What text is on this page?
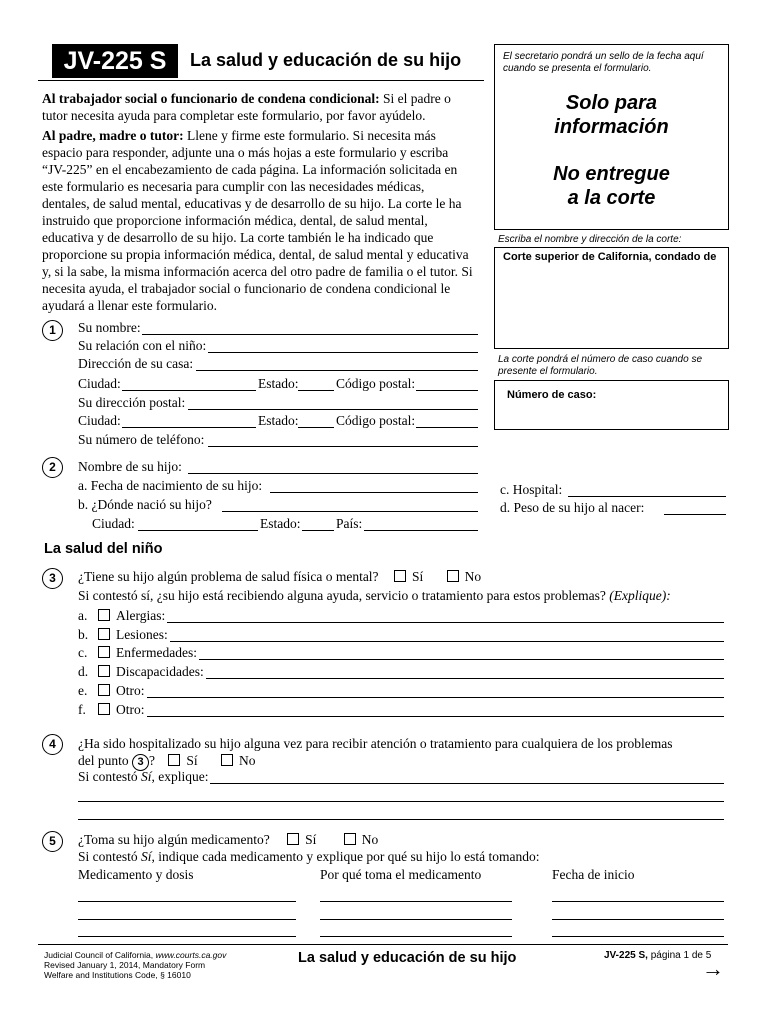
JV-225 S	La salud y educación de su hijo	El secretario pondrá un sello de la fecha aquí cuando se presenta el formulario.
Solo para
información
No entregue
a la corte
Escriba el nombre y dirección de la corte:
Corte superior de California, condado de
La corte pondrá el número de caso cuando se presente el formulario.
Número de caso:

Al trabajador social o funcionario de condena condicional: Si el padre o tutor necesita ayuda para completar este formulario, por favor ayúdelo.

Al padre, madre o tutor: Llene y firme este formulario. Si necesita más espacio para responder, adjunte una o más hojas a este formulario y escriba “JV-225” en el encabezamiento de cada página. La información solicitada en este formulario es necesaria para cumplir con las necesidades médicas, dentales, de salud mental, educativas y de desarrollo de su hijo. La corte le ha instruido que proporcione información médica, dental, de salud mental, educativa y de desarrollo de su hijo. La corte también le ha indicado que proporcione su propia información médica, dental, de salud mental y educativa y, si la sabe, la misma información acerca del otro padre de familia o el tutor. Si necesita ayuda, el trabajador social o funcionario de condena condicional le ayudará a llenar este formulario.

1	Su nombre:
Su relación con el niño:
Dirección de su casa:
Ciudad:	Estado:	Código postal:
Su dirección postal:
Ciudad:	Estado:	Código postal:
Su número de teléfono:
2	Nombre de su hijo:
a. Fecha de nacimiento de su hijo:
b. ¿Dónde nació su hijo?
Ciudad:	Estado:	País:
c. Hospital:
d. Peso de su hijo al nacer:
La salud del niño
3	¿Tiene su hijo algún problema de salud física o mental? Sí	No
Si contestó sí, ¿su hijo está recibiendo alguna ayuda, servicio o tratamiento para estos problemas? (Explique):
a. Alergias:
b. Lesiones:
c. Enfermedades:
d. Discapacidades:
e. Otro:
f. Otro:
4	¿Ha sido hospitalizado su hijo alguna vez para recibir atención o tratamiento para cualquiera de los problemas
del punto 3 ? Sí	No
Si contestó Sí, explique:
5	¿Toma su hijo algún medicamento?	Sí	No
Si contestó Sí, indique cada medicamento y explique por qué su hijo lo está tomando:
Medicamento y dosis	Por qué toma el medicamento	Fecha de inicio
Judicial Council of California, www.courts.ca.gov
Revised January 1, 2014, Mandatory Form
Welfare and Institutions Code, § 16010
La salud y educación de su hijo	JV-225 S, página 1 de 5
→
